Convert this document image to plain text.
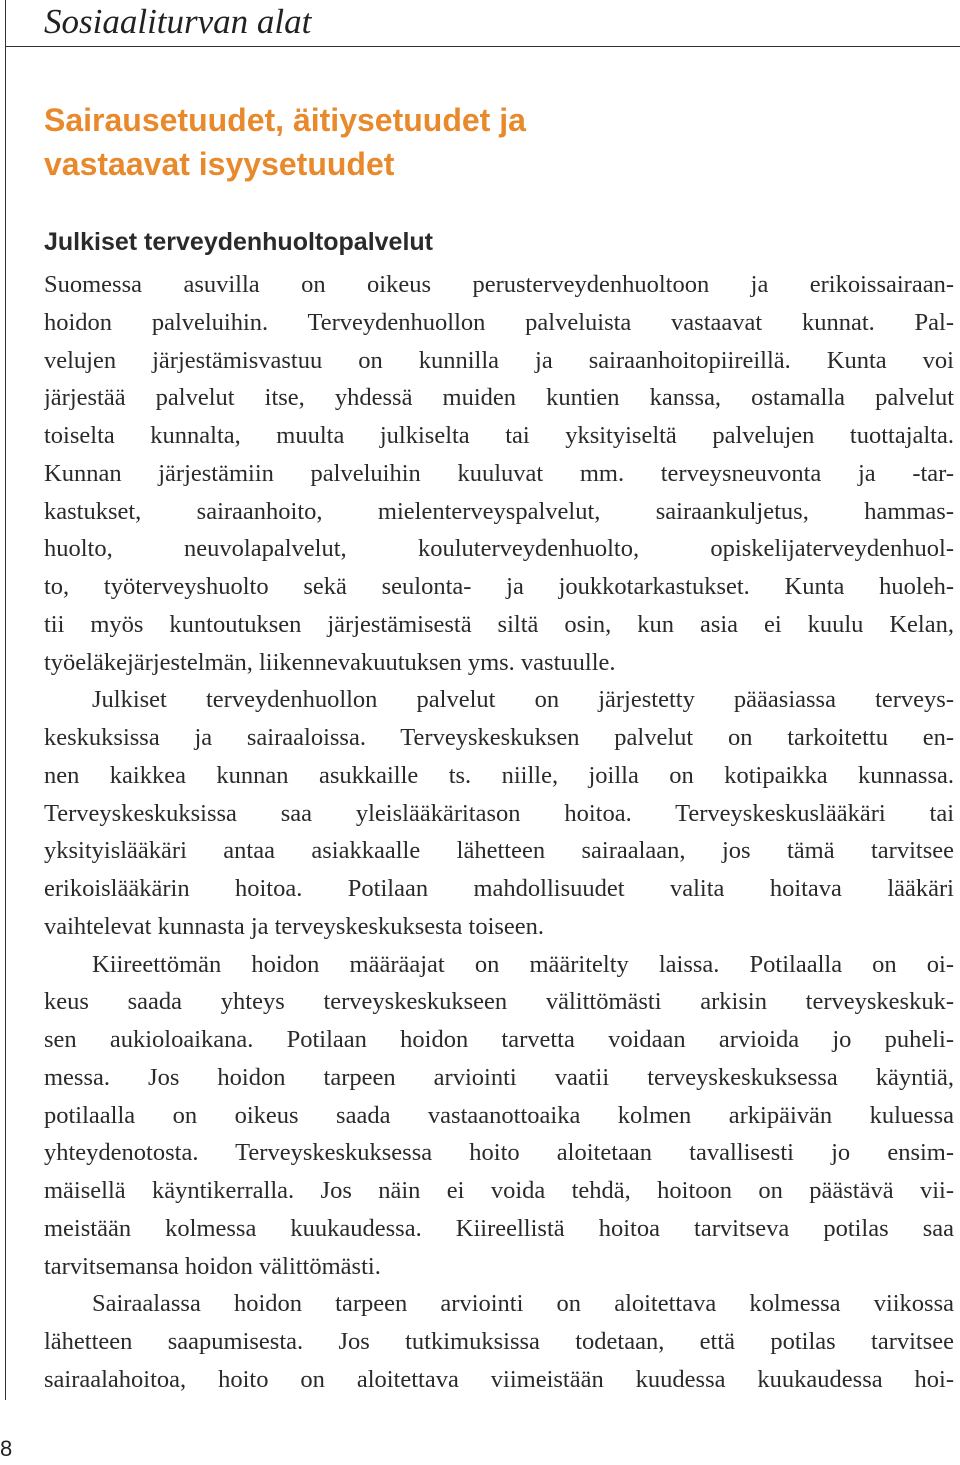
Sosiaaliturvan alat
Sairausetuudet, äitiysetuudet ja
vastaavat isyysetuudet
Julkiset terveydenhuoltopalvelut
Suomessa asuvilla on oikeus perusterveydenhuoltoon ja erikoissairaan-
hoidon palveluihin. Terveydenhuollon palveluista vastaavat kunnat. Pal-
velujen järjestämisvastuu on kunnilla ja sairaanhoitopiireillä. Kunta voi
järjestää palvelut itse, yhdessä muiden kuntien kanssa, ostamalla palvelut
toiselta kunnalta, muulta julkiselta tai yksityiseltä palvelujen tuottajalta.
Kunnan järjestämiin palveluihin kuuluvat mm. terveysneuvonta ja -tar-
kastukset, sairaanhoito, mielenterveyspalvelut, sairaankuljetus, hammas-
huolto, neuvolapalvelut, kouluterveydenhuolto, opiskelijaterveydenhuol-
to, työterveyshuolto sekä seulonta- ja joukkotarkastukset. Kunta huoleh-
tii myös kuntoutuksen järjestämisestä siltä osin, kun asia ei kuulu Kelan,
työeläkejärjestelmän, liikennevakuutuksen yms. vastuulle.
Julkiset terveydenhuollon palvelut on järjestetty pääasiassa terveys-
keskuksissa ja sairaaloissa. Terveyskeskuksen palvelut on tarkoitettu en-
nen kaikkea kunnan asukkaille ts. niille, joilla on kotipaikka kunnassa.
Terveyskeskuksissa saa yleislääkäritason hoitoa. Terveyskeskuslääkäri tai
yksityislääkäri antaa asiakkaalle lähetteen sairaalaan, jos tämä tarvitsee
erikoislääkärin hoitoa. Potilaan mahdollisuudet valita hoitava lääkäri
vaihtelevat kunnasta ja terveyskeskuksesta toiseen.
Kiireettömän hoidon määräajat on määritelty laissa. Potilaalla on oi-
keus saada yhteys terveyskeskukseen välittömästi arkisin terveyskeskuk-
sen aukioloaikana. Potilaan hoidon tarvetta voidaan arvioida jo puheli-
messa. Jos hoidon tarpeen arviointi vaatii terveyskeskuksessa käyntiä,
potilaalla on oikeus saada vastaanottoaika kolmen arkipäivän kuluessa
yhteydenotosta. Terveyskeskuksessa hoito aloitetaan tavallisesti jo ensim-
mäisellä käyntikerralla. Jos näin ei voida tehdä, hoitoon on päästävä vii-
meistään kolmessa kuukaudessa. Kiireellistä hoitoa tarvitseva potilas saa
tarvitsemansa hoidon välittömästi.
Sairaalassa hoidon tarpeen arviointi on aloitettava kolmessa viikossa
lähetteen saapumisesta. Jos tutkimuksissa todetaan, että potilas tarvitsee
sairaalahoitoa, hoito on aloitettava viimeistään kuudessa kuukaudessa hoi-
8
